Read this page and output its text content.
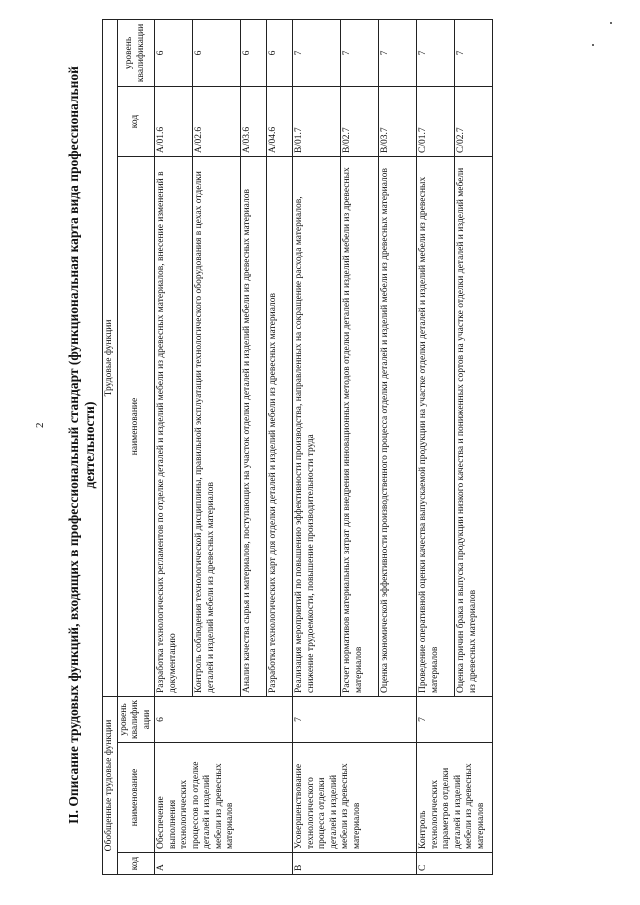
2 II. Описание трудовых функций, входящих в профессиональный стандарт (функциональная карта вида профессиональной деятельности)

Обобщенные трудовые функции			Трудовые функции		
код	наименование	уровень квалификации	наименование	код	уровень квалификации
A	Обеспечение выполнения технологических процессов по отделке деталей и изделий мебели из древесных материалов	6	Разработка технологических регламентов по отделке деталей и изделий мебели из древесных материалов, внесение изменений в документацию	A/01.6	6
			Контроль соблюдения технологической дисциплины, правильной эксплуатации технологического оборудования в цехах отделки деталей и изделий мебели из древесных материалов	A/02.6	6
			Анализ качества сырья и материалов, поступающих на участок отделки деталей и изделий мебели из древесных материалов	A/03.6	6
			Разработка технологических карт для отделки деталей и изделий мебели из древесных материалов	A/04.6	6
B	Усовершенствование технологического процесса отделки деталей и изделий мебели из древесных материалов	7	Реализация мероприятий по повышению эффективности производства, направленных на сокращение расхода материалов, снижение трудоемкости, повышение производительности труда	B/01.7	7
			Расчет нормативов материальных затрат для внедрения инновационных методов отделки деталей и изделий мебели из древесных материалов	B/02.7	7
			Оценка экономической эффективности производственного процесса отделки деталей и изделий мебели из древесных материалов	B/03.7	7
C	Контроль технологических параметров отделки деталей и изделий мебели из древесных материалов	7	Проведение оперативной оценки качества выпускаемой продукции на участке отделки деталей и изделий мебели из древесных материалов	C/01.7	7
			Оценка причин брака и выпуска продукции низкого качества и пониженных сортов на участке отделки деталей и изделий мебели из древесных материалов	C/02.7	7
